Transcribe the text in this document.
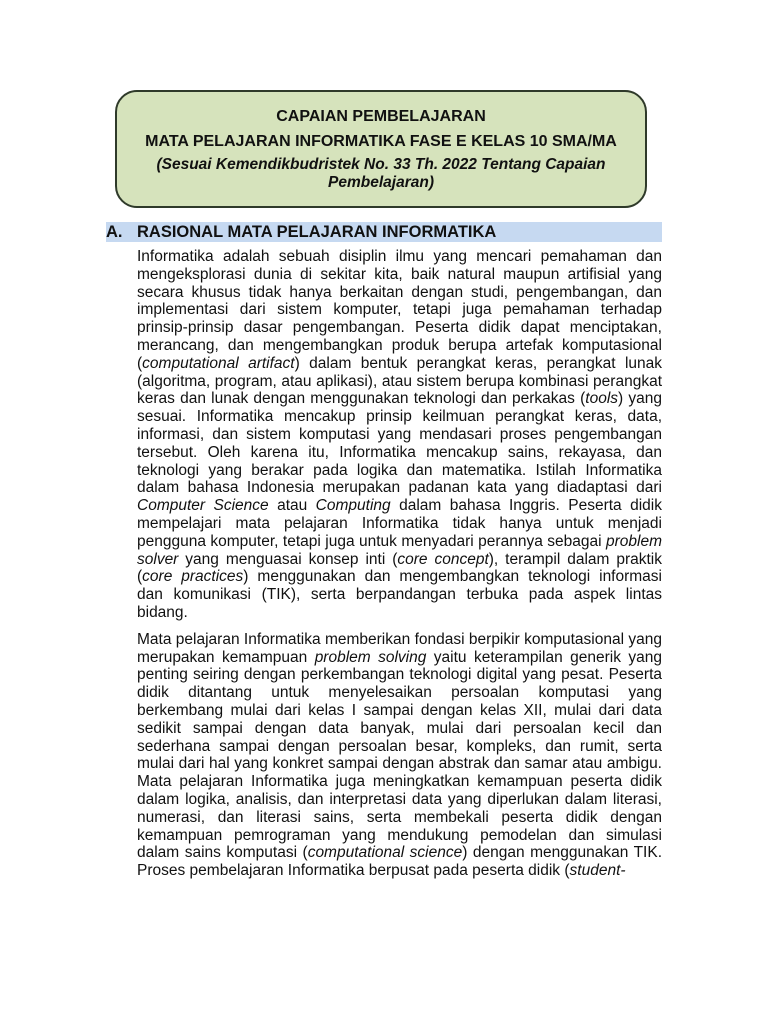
CAPAIAN PEMBELAJARAN

MATA PELAJARAN INFORMATIKA FASE E KELAS 10 SMA/MA

(Sesuai Kemendikbudristek No. 33 Th. 2022 Tentang Capaian Pembelajaran)

A. RASIONAL MATA PELAJARAN INFORMATIKA

Informatika adalah sebuah disiplin ilmu yang mencari pemahaman dan mengeksplorasi dunia di sekitar kita, baik natural maupun artifisial yang secara khusus tidak hanya berkaitan dengan studi, pengembangan, dan implementasi dari sistem komputer, tetapi juga pemahaman terhadap prinsip-prinsip dasar pengembangan. Peserta didik dapat menciptakan, merancang, dan mengembangkan produk berupa artefak komputasional (computational artifact) dalam bentuk perangkat keras, perangkat lunak (algoritma, program, atau aplikasi), atau sistem berupa kombinasi perangkat keras dan lunak dengan menggunakan teknologi dan perkakas (tools) yang sesuai. Informatika mencakup prinsip keilmuan perangkat keras, data, informasi, dan sistem komputasi yang mendasari proses pengembangan tersebut. Oleh karena itu, Informatika mencakup sains, rekayasa, dan teknologi yang berakar pada logika dan matematika. Istilah Informatika dalam bahasa Indonesia merupakan padanan kata yang diadaptasi dari Computer Science atau Computing dalam bahasa Inggris. Peserta didik mempelajari mata pelajaran Informatika tidak hanya untuk menjadi pengguna komputer, tetapi juga untuk menyadari perannya sebagai problem solver yang menguasai konsep inti (core concept), terampil dalam praktik (core practices) menggunakan dan mengembangkan teknologi informasi dan komunikasi (TIK), serta berpandangan terbuka pada aspek lintas bidang.

Mata pelajaran Informatika memberikan fondasi berpikir komputasional yang merupakan kemampuan problem solving yaitu keterampilan generik yang penting seiring dengan perkembangan teknologi digital yang pesat. Peserta didik ditantang untuk menyelesaikan persoalan komputasi yang berkembang mulai dari kelas I sampai dengan kelas XII, mulai dari data sedikit sampai dengan data banyak, mulai dari persoalan kecil dan sederhana sampai dengan persoalan besar, kompleks, dan rumit, serta mulai dari hal yang konkret sampai dengan abstrak dan samar atau ambigu. Mata pelajaran Informatika juga meningkatkan kemampuan peserta didik dalam logika, analisis, dan interpretasi data yang diperlukan dalam literasi, numerasi, dan literasi sains, serta membekali peserta didik dengan kemampuan pemrograman yang mendukung pemodelan dan simulasi dalam sains komputasi (computational science) dengan menggunakan TIK. Proses pembelajaran Informatika berpusat pada peserta didik (student-
